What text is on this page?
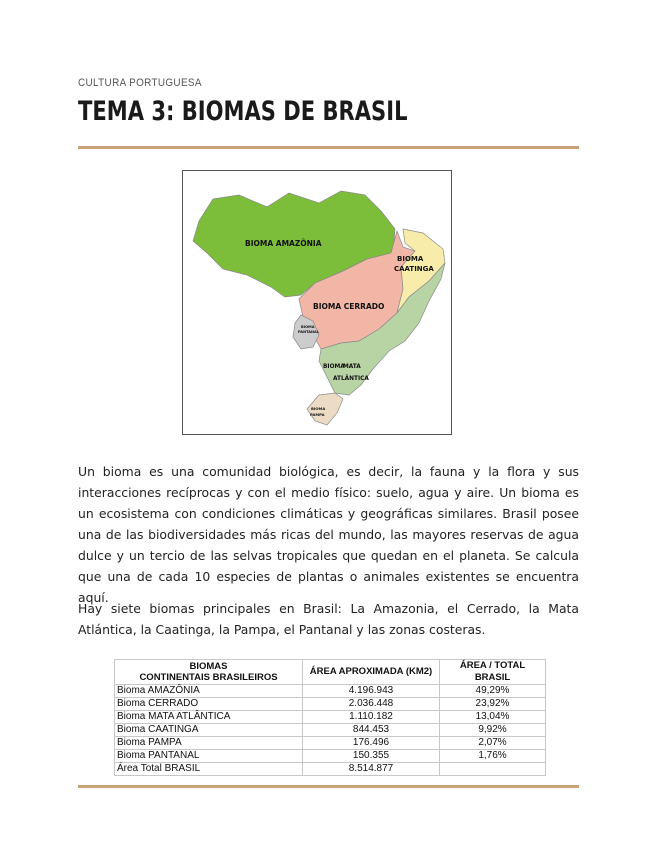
CULTURA PORTUGUESA
TEMA 3: BIOMAS DE BRASIL
BIOMA AMAZÔNIA
BIOMA
CAATINGA
BIOMA CERRADO
BIOMA
PANTANAL
BIOMA
MATA
ATLÂNTICA
BIOMA
PAMPA

Un bioma es una comunidad biológica, es decir, la fauna y la flora y sus interacciones recíprocas y con el medio físico: suelo, agua y aire. Un bioma es un ecosistema con condiciones climáticas y geográficas similares. Brasil posee una de las biodiversidades más ricas del mundo, las mayores reservas de agua dulce y un tercio de las selvas tropicales que quedan en el planeta. Se calcula que una de cada 10 especies de plantas o animales existentes se encuentra aquí.

Hay siete biomas principales en Brasil: La Amazonia, el Cerrado, la Mata Atlántica, la Caatinga, la Pampa, el Pantanal y las zonas costeras.

BIOMAS
CONTINENTAIS BRASILEIROS	ÁREA APROXIMADA (KM2)	ÁREA / TOTAL BRASIL
Bioma AMAZÔNIA	4.196.943	49,29%
Bioma CERRADO	2.036.448	23,92%
Bioma MATA ATLÂNTICA	1.110.182	13,04%
Bioma CAATINGA	844.453	9,92%
Bioma PAMPA	176.496	2,07%
Bioma PANTANAL	150.355	1,76%
Área Total BRASIL	8.514.877	
